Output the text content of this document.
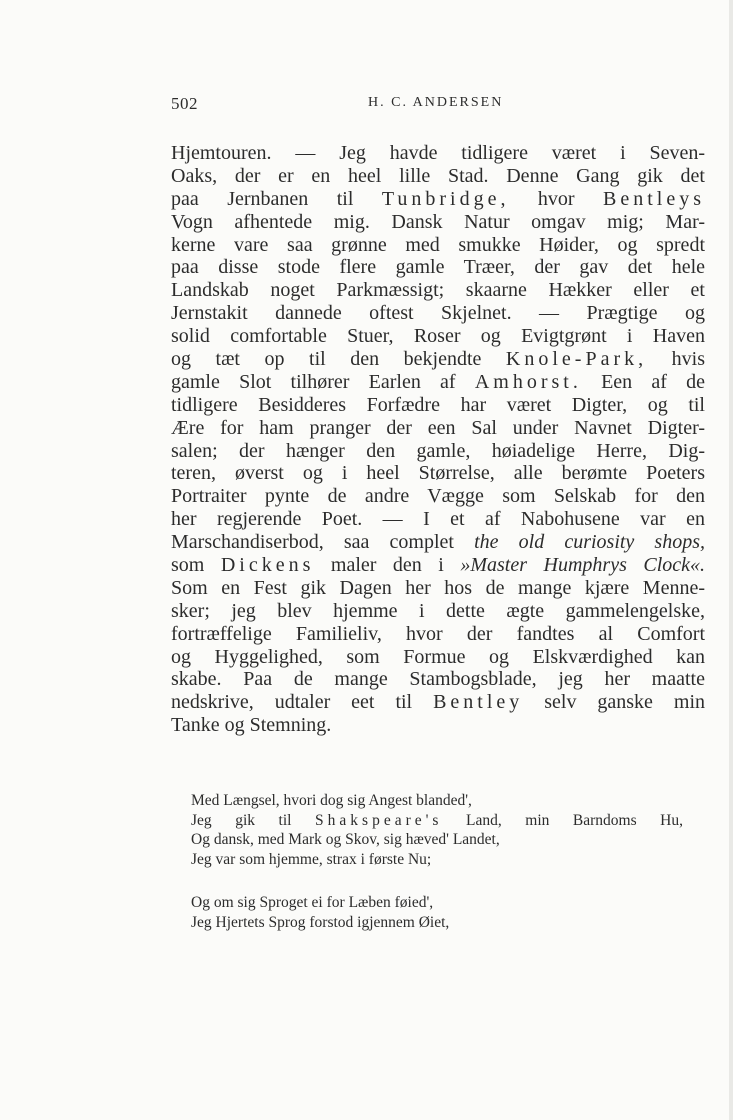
502	H. C. ANDERSEN
Hjemtouren. — Jeg havde tidligere været i Seven-
Oaks, der er en heel lille Stad. Denne Gang gik det
paa Jernbanen til Tunbridge, hvor Bentleys
Vogn afhentede mig. Dansk Natur omgav mig; Mar-
kerne vare saa grønne med smukke Høider, og spredt
paa disse stode flere gamle Træer, der gav det hele
Landskab noget Parkmæssigt; skaarne Hækker eller et
Jernstakit dannede oftest Skjelnet. — Prægtige og
solid comfortable Stuer, Roser og Evigtgrønt i Haven
og tæt op til den bekjendte Knole-Park, hvis
gamle Slot tilhører Earlen af Amhorst. Een af de
tidligere Besidderes Forfædre har været Digter, og til
Ære for ham pranger der een Sal under Navnet Digter-
salen; der hænger den gamle, høiadelige Herre, Dig-
teren, øverst og i heel Størrelse, alle berømte Poeters
Portraiter pynte de andre Vægge som Selskab for den
her regjerende Poet. — I et af Nabohusene var en
Marschandiserbod, saa complet the old curiosity shops,
som Dickens maler den i »Master Humphrys Clock«.
Som en Fest gik Dagen her hos de mange kjære Menne-
sker; jeg blev hjemme i dette ægte gammelengelske,
fortræffelige Familieliv, hvor der fandtes al Comfort
og Hyggelighed, som Formue og Elskværdighed kan
skabe. Paa de mange Stambogsblade, jeg her maatte
nedskrive, udtaler eet til Bentley selv ganske min
Tanke og Stemning.
Med Længsel, hvori dog sig Angest blanded',
Jeg gik til Shakspeare's Land, min Barndoms Hu,
Og dansk, med Mark og Skov, sig hæved' Landet,
Jeg var som hjemme, strax i første Nu;
Og om sig Sproget ei for Læben føied',
Jeg Hjertets Sprog forstod igjennem Øiet,
